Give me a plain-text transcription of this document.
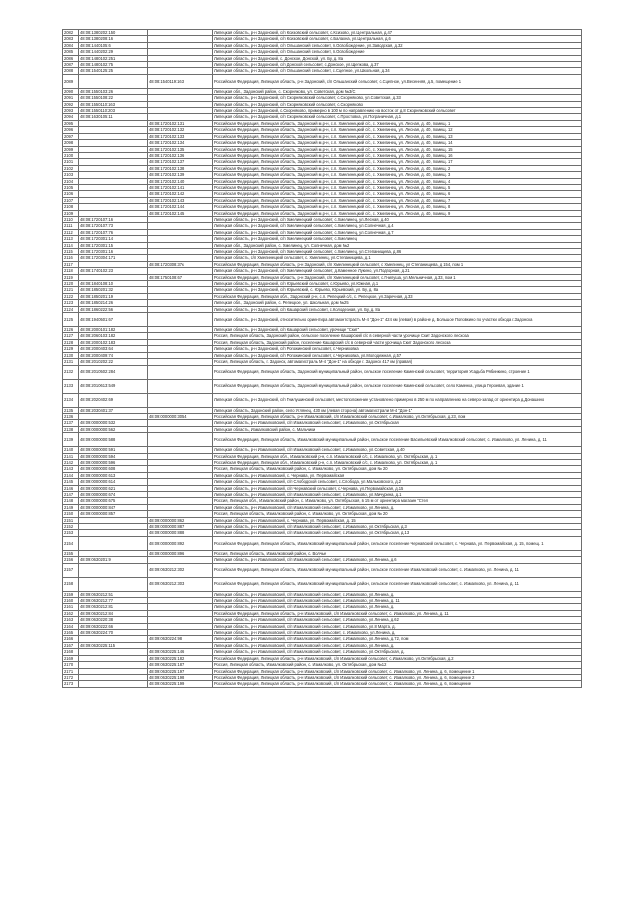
2082	48:08:1380202:150		Липецкая область, р-н Задонский, с/п Ксизовский сельсовет, с.Ксизово, ул.Центральная, д.47
2083	48:08:1380208:16		Липецкая область, р-н Задонский, с/п Ксизовский сельсовет, с.Балахна, ул.Центральная, д.6
2084	48:08:1440105:6		Липецкая область, р-н Задонский, с/п Ольшанский сельсовет, п.Освобождение, ул.Заводская, д.32
2085	48:08:1440202:29		Липецкая область, р-н Задонский, с/п Ольшанский сельсовет, п.Освобождение
2086	48:08:1480102:251		Липецкая область, р-н Задонский, с. Донское, Донской, ул. Бу, д. 8а
2087	48:08:1480102:75		Липецкая область, р-н Задонский, с/п Донской сельсовет, с.Донское, ул.Щепкова, д.37
2088	48:08:1540125:25		Липецкая область, р-н Задонский, с/п Ольшанский сельсовет, с.Сцепное, ул.Школьная, д.34
2089		48:08:1540119:163	Российская Федерация, Липецкая область, р-н Задонский, с/п Ольшанский сельсовет, с.Сцепное, ул.Весенняя, д.5, помещение 1
2090	48:08:1550103:26		Липецкая обл., Задонский район, с. Скорняково, ул. Советская, дом №3/С
2091	48:08:1550108:22		Липецкая область, р-н Задонский, с/п Скорняковский сельсовет, с.Скорняково, ул.Советская, д.33
2092	48:08:1550110:163		Липецкая область, р-н Задонский, с/п Скорняковский сельсовет, с.Скорняково
2093	48:08:1550110:203		Липецкая область, р-н Задонский, с.Скорняково, примерно в 100 м по направлению на восток от д.8 Скорняковский сельсовет
2094	48:08:1630105:11		Липецкая область, р-н Задонский, с/п Скорняковский сельсовет, с.Простовка, ул.Пограничная, д.1
2095		48:08:1720102:131	Российская Федерация, Липецкая область, Задонский м.р-н, с.п. Хмелинецкий с/с, с. Хмелинец, ул. Лесная, д. 40, помещ. 1
2096		48:08:1720102:132	Российская Федерация, Липецкая область, Задонский м.р-н, с.п. Хмелинецкий с/с, с. Хмелинец, ул. Лесная, д. 40, помещ. 12
2097		48:08:1720102:133	Российская Федерация, Липецкая область, Задонский м.р-н, с.п. Хмелинецкий с/с, с. Хмелинец, ул. Лесная, д. 40, помещ. 13
2098		48:08:1720102:134	Российская Федерация, Липецкая область, Задонский м.р-н, с.п. Хмелинецкий с/с, с. Хмелинец, ул. Лесная, д. 40, помещ. 14
2099		48:08:1720102:135	Российская Федерация, Липецкая область, Задонский м.р-н, с.п. Хмелинецкий с/с, с. Хмелинец, ул. Лесная, д. 40, помещ. 15
2100		48:08:1720102:136	Российская Федерация, Липецкая область, Задонский м.р-н, с.п. Хмелинецкий с/с, с. Хмелинец, ул. Лесная, д. 40, помещ. 16
2101		48:08:1720102:137	Российская Федерация, Липецкая область, Задонский м.р-н, с.п. Хмелинецкий с/с, с. Хмелинец, ул. Лесная, д. 40, помещ. 17
2102		48:08:1720102:138	Российская Федерация, Липецкая область, Задонский м.р-н, с.п. Хмелинецкий с/с, с. Хмелинец, ул. Лесная, д. 40, помещ. 2
2103		48:08:1720102:139	Российская Федерация, Липецкая область, Задонский м.р-н, с.п. Хмелинецкий с/с, с. Хмелинец, ул. Лесная, д. 40, помещ. 3
2104		48:08:1720102:140	Российская Федерация, Липецкая область, Задонский м.р-н, с.п. Хмелинецкий с/с, с. Хмелинец, ул. Лесная, д. 40, помещ. 4
2105		48:08:1720102:141	Российская Федерация, Липецкая область, Задонский м.р-н, с.п. Хмелинецкий с/с, с. Хмелинец, ул. Лесная, д. 40, помещ. 5
2106		48:08:1720102:142	Российская Федерация, Липецкая область, Задонский м.р-н, с.п. Хмелинецкий с/с, с. Хмелинец, ул. Лесная, д. 40, помещ. 6
2107		48:08:1720102:143	Российская Федерация, Липецкая область, Задонский м.р-н, с.п. Хмелинецкий с/с, с. Хмелинец, ул. Лесная, д. 40, помещ. 7
2108		48:08:1720102:144	Российская Федерация, Липецкая область, Задонский м.р-н, с.п. Хмелинецкий с/с, с. Хмелинец, ул. Лесная, д. 40, помещ. 8
2109		48:08:1720102:145	Российская Федерация, Липецкая область, Задонский м.р-н, с.п. Хмелинецкий с/с, с. Хмелинец, ул. Лесная, д. 40, помещ. 9
2110	48:08:1720107:16		Липецкая область, р-н Задонский, с/п Хмелинецкий сельсовет, с.Хмелинец, ул.Лесная, д.40
2111	48:08:1720107:73		Липецкая область, р-н Задонский, с/п Хмелинецкий сельсовет, с.Хмелинец, ул.Солнечная, д.4
2112	48:08:1720107:76		Липецкая область, р-н Задонский, с/п Хмелинецкий сельсовет, с.Хмелинец, ул.Солнечная, д.7
2113	48:08:1720301:14		Липецкая область, р-н Задонский, с/п Хмелинецкий сельсовет, с.Хмелинец
2114	48:08:1720301:15		Липецкая обл., Задонский район, с. Хмелинец, ул. Солнечная, дом №2
2115	48:08:1720301:16		Липецкая область, р-н Задонский, с/п Хмелинецкий сельсовет, с.Хмелинец, ул.Степанищева, д.86
2116	48:08:1720304:171		Липецкая область, с/п Хмелинецкий сельсовет, с. Хмелинец, ул.Степанищева, д.1
2117		48:08:1720308:37к	Российская Федерация, Липецкая область, р-н Задонский, с/п Хмелинецкий сельсовет, с Хмелинец, ул Степанищева, д 154, пом 1
2118	48:08:1740102:23		Липецкая область, р-н Задонский, с/п Хмелинецкий сельсовет, д.Каменное Лукино, ул.Подгорная, д.21
2119		48:08:1750108:67	Российская Федерация, Липецкая область, р-н Задонский, с/п Хмелинецкий сельсовет, с.Гнилуша, ул.Мельничная, д.33, пом 1
2120	48:08:1840108:10		Липецкая область, р-н Задонский, с/п Юрьевский сельсовет, с.Юрьево, ул.Южная, д.1
2121	48:08:1850201:32		Липецкая область, р-н Задонский, с/п Юрьевский, с. Юрьево, Юрьевский, ул. Бу, д. 8а
2122	48:08:1850201:19		Российская Федерация, Липецкая обл., Задонский р-н, с.п. Репецкий с/с, с. Репецкое, ул.Заречная, д.33
2123	48:08:1850214:26		Липецкая обл., Задонский район, с. Репецкое, ул. Школьная, дом №25
2124	48:08:1860222:56		Липецкая область, р-н Задонский, с/п Кашарский сельсовет, с.Колодезная, ул. Бу, д. 8а
2125	48:08:1940501:67		Липецкая область, р-н Задонский, относительно ориентира автомонтстрасть М-4 "Дон-1" 424 км (левая) в районе д. Большое Поповкино по участки обхода г.Задонска
2126	48:08:2000101:182		Липецкая область, р-н Задонский, с/п Кашарский сельсовет, урочище "Скит"
2127	48:08:2060103:182		Россия, Липецкая область, Задонский район, сельское поселение Кашарский с/с в северной части урочище Скит Задонского лесхоза
2128	48:08:2000102:183		Россия, Липецкая область, Задонский район, поселение Кашарский с/с в северной части урочища Скит Задонского лесхоза
2129	48:08:2000403:64		Липецкая область, р-н Задонский, с/п Рогожинский сельсовет, с.Черниховка
2130	48:08:2000409:74		Липецкая область, р-н Задонский, с/п Рогожинский сельсовет, с.Черниховка, ул.Молодежная, д.57
2131	48:08:2010202:22		Россия, Липецкая область, г. Задонск, автомагистраль М-4 "Дон-1" на обходе г. Задонск 417 км (правая)
2132	48:08:2010502:284		Российская Федерация, Липецкая область, Задонский муниципальный район, сельское поселение Каменский сельсовет, территория Усадьба Рябинкино, строение 1
2133	48:08:2010613:549		Российская Федерация, Липецкая область, Задонский муниципальный район, сельское поселение Каменский сельсовет, село Каменка, улица Героевая, здание 1
2134	48:08:2020402:69		Липецкая область, р-н Задонский, с/п Гнилушинский сельсовет, местоположение установлено примерно в 250 м по направлению на северо-запад от ориентира д.Донашино
2135	48:08:2030401:37		Липецкая область, Задонский район, село Углянец, 430 км (левая сторона) автомагистрали М-4 "Дон-1"
2136		48:09:0000000:3054	Российская Федерация, Липецкая область, р-н Измалковский, с/п Измалковский сельсовет, с.Измалково, ул.Октябрьская, д.23, пом
2137	48:09:0000000:532		Липецкая область, р-н Измалковский, с/п Измалковский сельсовет, с.Измалково, ул.Октябрьская
2138	48:09:0000000:562		Липецкая область, Измалковский район, с. Мальчики
2139	48:09:0000000:588		Российская Федерация, Липецкая область, Измалковский муниципальный район, сельское поселение Васильевский Измалковский сельсовет, с. Измалково, ул. Ленина, д. 11
2140	48:09:0000000:591		Липецкая область, р-н Измалковский, с/п Измалковский сельсовет, с.Измалково, ул.Советская, д.40
2141	48:09:0000000:594		Российская Федерация, Липецкая обл., Измалковский р-н, с.п. Измалковский с/с, с. Измалково, ул. Октябрьская, д. 1
2142	48:09:0000000:596		Российская Федерация, Липецкая обл., Измалковский р-н, с.п. Измалковский с/с, с. Измалково, ул. Октябрьская, д. 1
2143	48:09:0000000:608		Россия, Липецкая область, Измалковский район, с. Измалково, ул. Октябрьская, дом № 20
2144	48:09:0000000:613		Липецкая область, р-н Измалковский, с. Чернава, ул. Первомайская
2145	48:09:0000000:614		Липецкая область, р-н Измалковский, с/п Слободской сельсовет, с.Слобода, ул.Мальковского, д.2
2146	48:09:0000000:621		Липецкая область, р-н Измалковский, с/п Чернавский сельсовет, с.Чернава, ул.Первомайская, д.15
2147	48:09:0000000:674		Липецкая область, р-н Измалковский, с/п Измалковский сельсовет, с.Измалково, ул.Мичурина, д.1
2148	48:09:0000000:675		Россия, Липецкая обл., Измалковский район, с. Измалково, ул. Октябрьская, в 15 м от ориентира магазин "Стел
2149	48:09:0000000:847		Липецкая область, р-н Измалковский, с/п Измалковский сельсовет, с.Измалково, ул.Ленина, д.
2150	48:09:0000000:857		Россия, Липецкая область, Измалковский район, с. Измалково, ул. Октябрьская, дом № 20
2151		48:09:0000000:862	Липецкая область, р-н Измалковский, с. Чернава, ул. Первомайская, д. 15
2152		48:09:0000000:887	Липецкая область, р-н Измалковский, с/п Измалковский сельсовет, с.Измалково, ул.Октябрьская, д.3
2153		48:09:0000000:888	Липецкая область, р-н Измалковский, с/п Измалковский сельсовет, с.Измалково, ул.Октябрьская, д.13
2154		48:09:0000000:892	Российская Федерация, Липецкая область, Измалковский муниципальный район, сельское поселение Чернавский сельсовет, с. Чернава, ул. Первомайская, д. 15, помещ. 1
2155		48:09:0000000:896	Россия, Липецкая область, Измалковский район, с. Волчье
2156	48:09:0630201:9		Липецкая область, р-н Измалковский, с/п Измалковский сельсовет, с.Измалково, ул.Ленина, д.6
2157		48:09:0630212:302	Российская Федерация, Липецкая область, Измалковский муниципальный район, сельское поселение Измалковский сельсовет, с. Измалково, ул. Ленина, д. 11
2158		48:09:0630212:303	Российская Федерация, Липецкая область, Измалковский муниципальный район, сельское поселение Измалковский сельсовет, с. Измалково, ул. Ленина, д. 11
2159	48:09:0630212:51		Липецкая область, р-н Измалковский, с/п Измалковский сельсовет, с.Измалково, ул.Ленина, д.
2160	48:09:0630212:77		Липецкая область, р-н Измалковский, с/п Измалковский сельсовет, с.Измалково, ул.Ленина, д. 11
2161	48:09:0630212:81		Липецкая область, р-н Измалковский, с/п Измалковский сельсовет, с.Измалково, ул.Ленина, д.
2162	48:09:0630212:84		Российская Федерация, Липецкая область, р-н Измалковский, с/п Измалковский сельсовет, с. Измалково, ул. Ленина, д. 11
2163	48:09:0630220:38		Липецкая область, р-н Измалковский, с/п Измалковский сельсовет, с.Измалково, ул.Ленина, д.62
2164	48:09:0630222:66		Липецкая область, р-н Измалковский, с/п Измалковский сельсовет, с.Измалково, ул.8 Марта, д.
2165	48:09:0630224:70		Липецкая область, р-н Измалковский, с/п Измалковский сельсовет, с. Измалково, ул.Ленина, д.
2166		48:09:0630224:98	Липецкая область, р-н Измалковский, с/п Измалковский сельсовет, с.Измалково, ул.Ленина, д.72, пом
2167	48:09:0630225:115		Липецкая область, р-н Измалковский, с/п Измалковский сельсовет, с.Измалково, ул.Ленина, д.
2168		48:09:0630225:146	Липецкая область, р-н Измалковский, с/п Измалковский сельсовет, с.Измалково, ул.Октябрьская, д.
2169		48:09:0630225:182	Российская Федерация, Липецкая область, р-н Измалковский, с/п Измалковский сельсовет, с.Измалково, ул.Октябрьская, д.2
2170		48:09:0630225:187	Россия, Липецкая область, Измалковский район, с. Измалково, ул. Октябрьская, дом №12
2171		48:09:0630225:197	Российская Федерация, Липецкая область, р-н Измалковский, с/п Измалковский сельсовет, с. Измалково, ул. Ленина, д. 6, помещение 1
2172		48:09:0630225:198	Российская Федерация, Липецкая область, р-н Измалковский, с/п Измалковский сельсовет, с. Измалково, ул. Ленина, д. 6, помещение 2
2173		48:09:0630225:199	Российская Федерация, Липецкая область, р-н Измалковский, с/п Измалковский сельсовет, с. Измалково, ул. Ленина, д. 6, помещение
